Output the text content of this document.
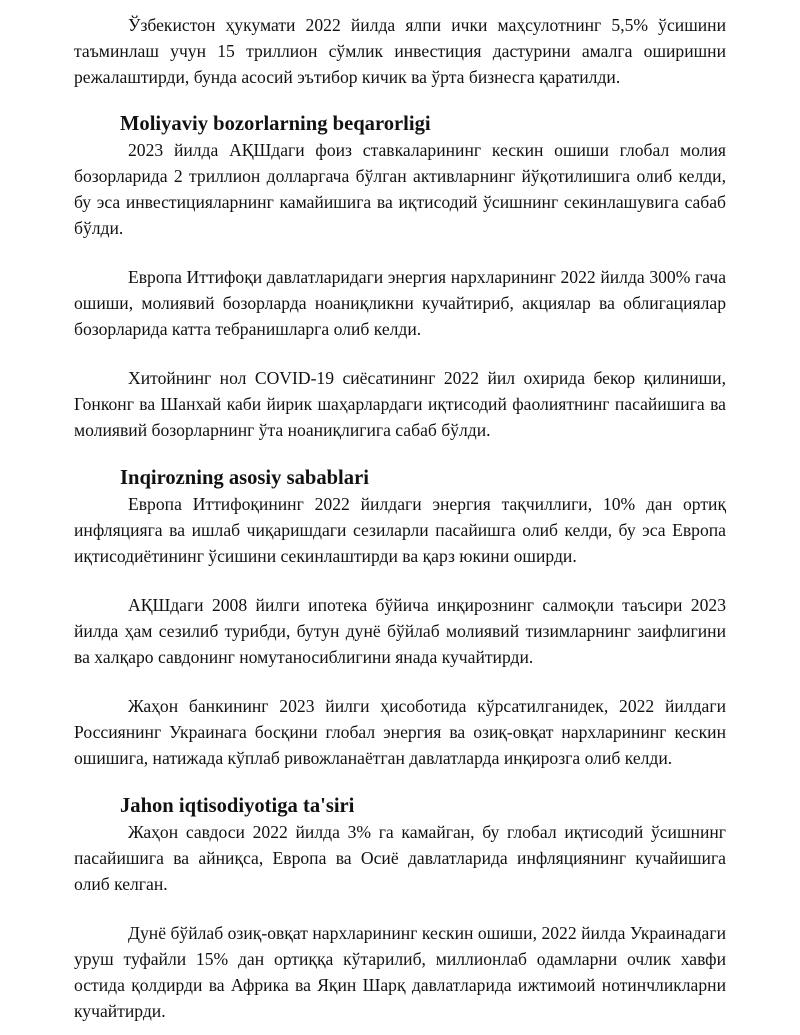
Ўзбекистон ҳукумати 2022 йилда ялпи ички маҳсулотнинг 5,5% ўсишини таъминлаш учун 15 триллион сўмлик инвестиция дастурини амалга оширишни режалаштирди, бунда асосий эътибор кичик ва ўрта бизнесга қаратилди.

Moliyaviy bozorlarning beqarorligi

2023 йилда АҚШдаги фоиз ставкаларининг кескин ошиши глобал молия бозорларида 2 триллион долларгача бўлган активларнинг йўқотилишига олиб келди, бу эса инвестицияларнинг камайишига ва иқтисодий ўсишнинг секинлашувига сабаб бўлди.

Европа Иттифоқи давлатларидаги энергия нархларининг 2022 йилда 300% гача ошиши, молиявий бозорларда ноаниқликни кучайтириб, акциялар ва облигациялар бозорларида катта тебранишларга олиб келди.

Хитойнинг нол COVID-19 сиёсатининг 2022 йил охирида бекор қилиниши, Гонконг ва Шанхай каби йирик шаҳарлардаги иқтисодий фаолиятнинг пасайишига ва молиявий бозорларнинг ўта ноаниқлигига сабаб бўлди.

Inqirozning asosiy sabablari

Европа Иттифоқининг 2022 йилдаги энергия тақчиллиги, 10% дан ортиқ инфляцияга ва ишлаб чиқаришдаги сезиларли пасайишга олиб келди, бу эса Европа иқтисодиётининг ўсишини секинлаштирди ва қарз юкини оширди.

АҚШдаги 2008 йилги ипотека бўйича инқирознинг салмоқли таъсири 2023 йилда ҳам сезилиб турибди, бутун дунё бўйлаб молиявий тизимларнинг заифлигини ва халқаро савдонинг номутаносиблигини янада кучайтирди.

Жаҳон банкининг 2023 йилги ҳисоботида кўрсатилганидек, 2022 йилдаги Россиянинг Украинага босқини глобал энергия ва озиқ-овқат нархларининг кескин ошишига, натижада кўплаб ривожланаётган давлатларда инқирозга олиб келди.

Jahon iqtisodiyotiga ta'siri

Жаҳон савдоси 2022 йилда 3% га камайган, бу глобал иқтисодий ўсишнинг пасайишига ва айниқса, Европа ва Осиё давлатларида инфляциянинг кучайишига олиб келган.

Дунё бўйлаб озиқ-овқат нархларининг кескин ошиши, 2022 йилда Украинадаги уруш туфайли 15% дан ортиққа кўтарилиб, миллионлаб одамларни очлик хавфи остида қолдирди ва Африка ва Яқин Шарқ давлатларида ижтимоий нотинчликларни кучайтирди.
